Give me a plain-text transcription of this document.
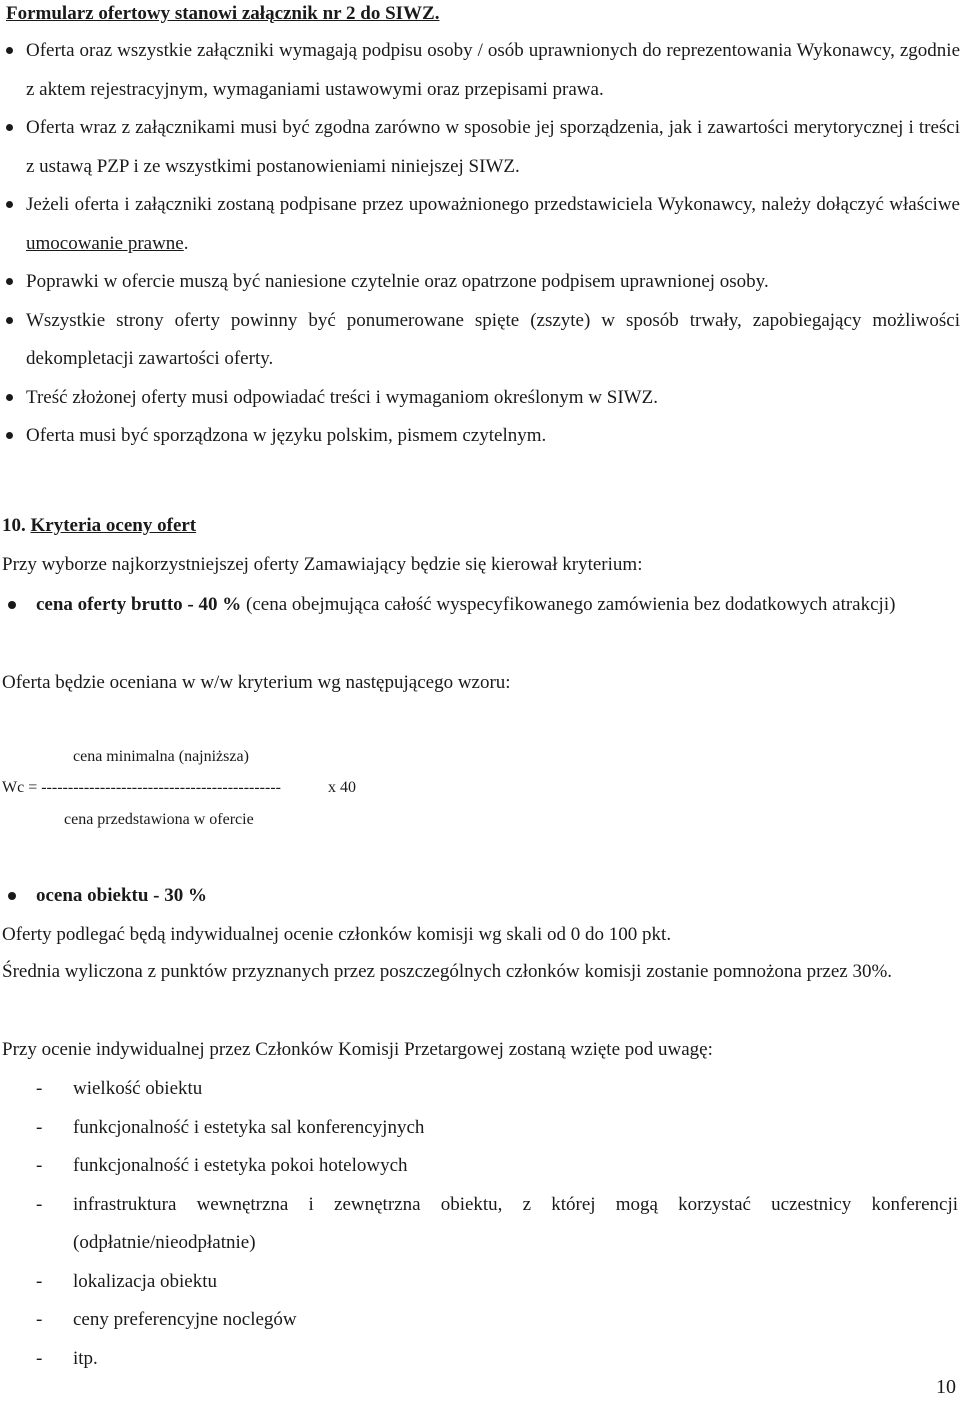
Formularz ofertowy stanowi załącznik nr 2 do SIWZ.
Oferta oraz wszystkie załączniki wymagają podpisu osoby / osób uprawnionych do reprezentowania Wykonawcy, zgodnie z aktem rejestracyjnym, wymaganiami ustawowymi oraz przepisami prawa.
Oferta wraz z załącznikami musi być zgodna zarówno w sposobie jej sporządzenia, jak i zawartości merytorycznej i treści z ustawą PZP i ze wszystkimi postanowieniami niniejszej SIWZ.
Jeżeli oferta i załączniki zostaną podpisane przez upoważnionego przedstawiciela Wykonawcy, należy dołączyć właściwe umocowanie prawne.
Poprawki w ofercie muszą być naniesione czytelnie oraz opatrzone podpisem uprawnionej osoby.
Wszystkie strony oferty powinny być ponumerowane spięte (zszyte) w sposób trwały, zapobiegający możliwości dekompletacji zawartości oferty.
Treść złożonej oferty musi odpowiadać treści i wymaganiom określonym w SIWZ.
Oferta musi być sporządzona w języku polskim, pismem czytelnym.
10. Kryteria oceny ofert
Przy wyborze najkorzystniejszej oferty Zamawiający będzie się kierował kryterium:
cena oferty brutto - 40 % (cena obejmująca całość wyspecyfikowanego zamówienia bez dodatkowych atrakcji)
Oferta będzie oceniana w w/w kryterium wg następującego wzoru:
cena minimalna (najniższa)
Wc = ---------------------------------------------	x 40
cena przedstawiona w ofercie
ocena obiektu - 30 %
Oferty podlegać będą indywidualnej ocenie członków komisji wg skali od 0 do 100 pkt.
Średnia wyliczona z punktów przyznanych przez poszczególnych członków komisji zostanie pomnożona przez 30%.
Przy ocenie indywidualnej przez Członków Komisji Przetargowej zostaną wzięte pod uwagę:
- wielkość obiektu
- funkcjonalność i estetyka sal konferencyjnych
- funkcjonalność i estetyka pokoi hotelowych
- infrastruktura wewnętrzna i zewnętrzna obiektu, z której mogą korzystać uczestnicy konferencji (odpłatnie/nieodpłatnie)
- lokalizacja obiektu
- ceny preferencyjne noclegów
- itp.
10
